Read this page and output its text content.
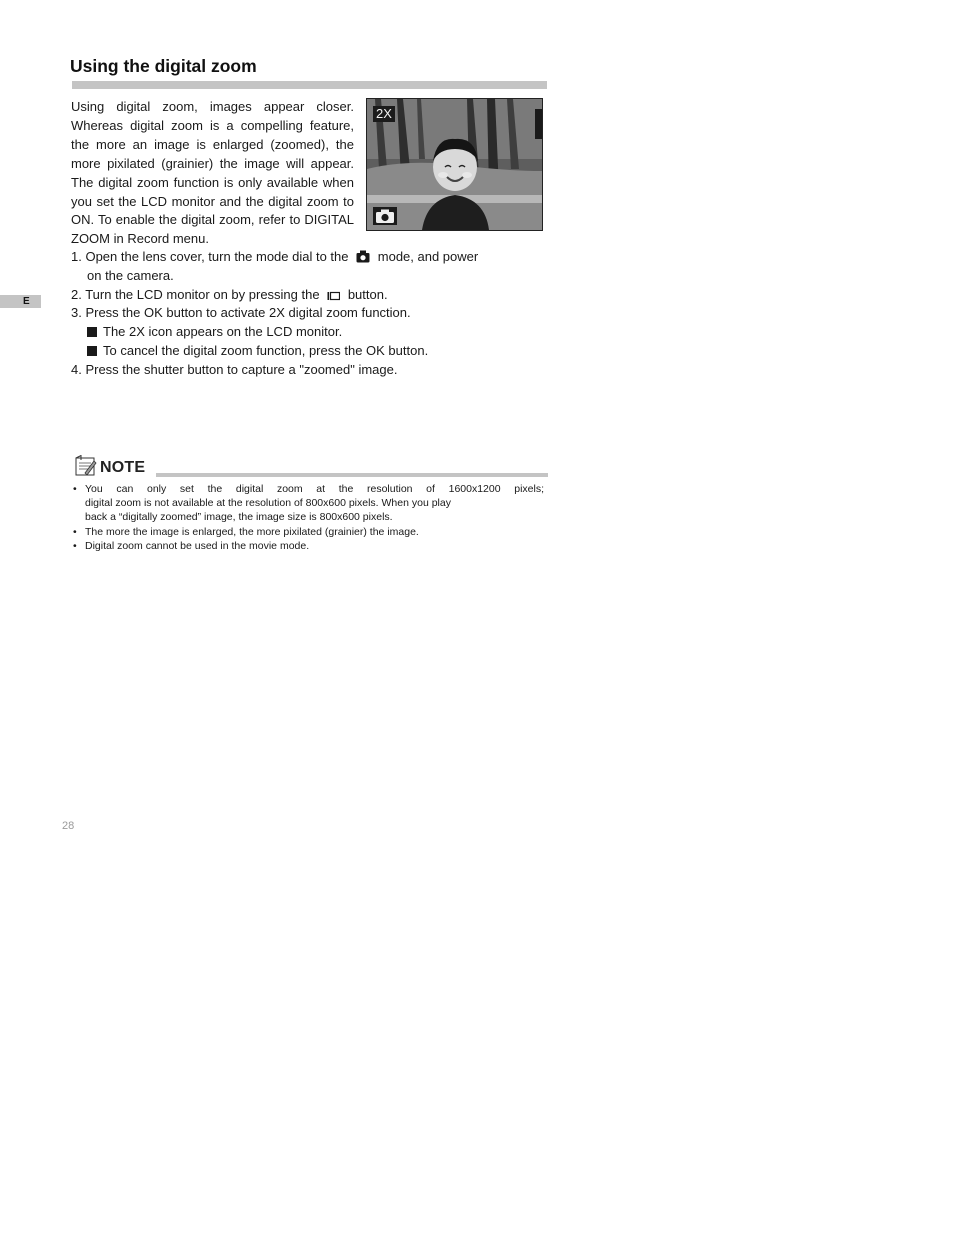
Using the digital zoom
Using digital zoom, images appear closer. Whereas digital zoom is a compelling feature, the more an image is enlarged (zoomed), the more pixilated (grainier) the image will appear. The digital zoom function is only available when you set the LCD monitor and the digital zoom to ON. To enable the digital zoom, refer to DIGITAL ZOOM in Record menu.
2X
E
1. Open the lens cover, turn the mode dial to the mode, and power
on the camera.
2. Turn the LCD monitor on by pressing the button.
3. Press the OK button to activate 2X digital zoom function.
The 2X icon appears on the LCD monitor.
To cancel the digital zoom function, press the OK button.
4. Press the shutter button to capture a "zoomed" image.
NOTE
• You can only set the digital zoom at the resolution of 1600x1200 pixels;
digital zoom is not available at the resolution of 800x600 pixels. When you play
back a “digitally zoomed” image, the image size is 800x600 pixels.
• The more the image is enlarged, the more pixilated (grainier) the image.
• Digital zoom cannot be used in the movie mode.
28
